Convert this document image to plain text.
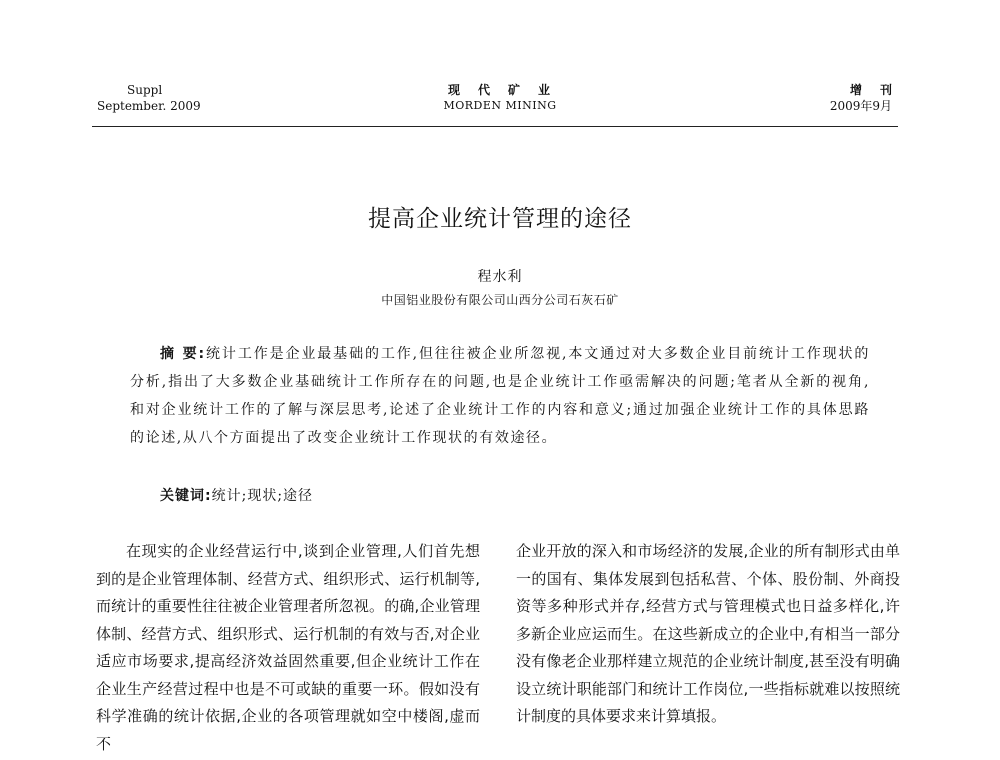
Suppl
September. 2009
现代矿业
MORDEN MINING
增刊
2009年9月
提高企业统计管理的途径
程水利
中国铝业股份有限公司山西分公司石灰石矿
摘 要:统计工作是企业最基础的工作,但往往被企业所忽视,本文通过对大多数企业目前统计工作现状的分析,指出了大多数企业基础统计工作所存在的问题,也是企业统计工作亟需解决的问题;笔者从全新的视角,和对企业统计工作的了解与深层思考,论述了企业统计工作的内容和意义;通过加强企业统计工作的具体思路的论述,从八个方面提出了改变企业统计工作现状的有效途径。
关键词:统计;现状;途径
在现实的企业经营运行中,谈到企业管理,人们首先想到的是企业管理体制、经营方式、组织形式、运行机制等,而统计的重要性往往被企业管理者所忽视。的确,企业管理体制、经营方式、组织形式、运行机制的有效与否,对企业适应市场要求,提高经济效益固然重要,但企业统计工作在企业生产经营过程中也是不可或缺的重要一环。假如没有科学准确的统计依据,企业的各项管理就如空中楼阁,虚而不
企业开放的深入和市场经济的发展,企业的所有制形式由单一的国有、集体发展到包括私营、个体、股份制、外商投资等多种形式并存,经营方式与管理模式也日益多样化,许多新企业应运而生。在这些新成立的企业中,有相当一部分没有像老企业那样建立规范的企业统计制度,甚至没有明确设立统计职能部门和统计工作岗位,一些指标就难以按照统计制度的具体要求来计算填报。
